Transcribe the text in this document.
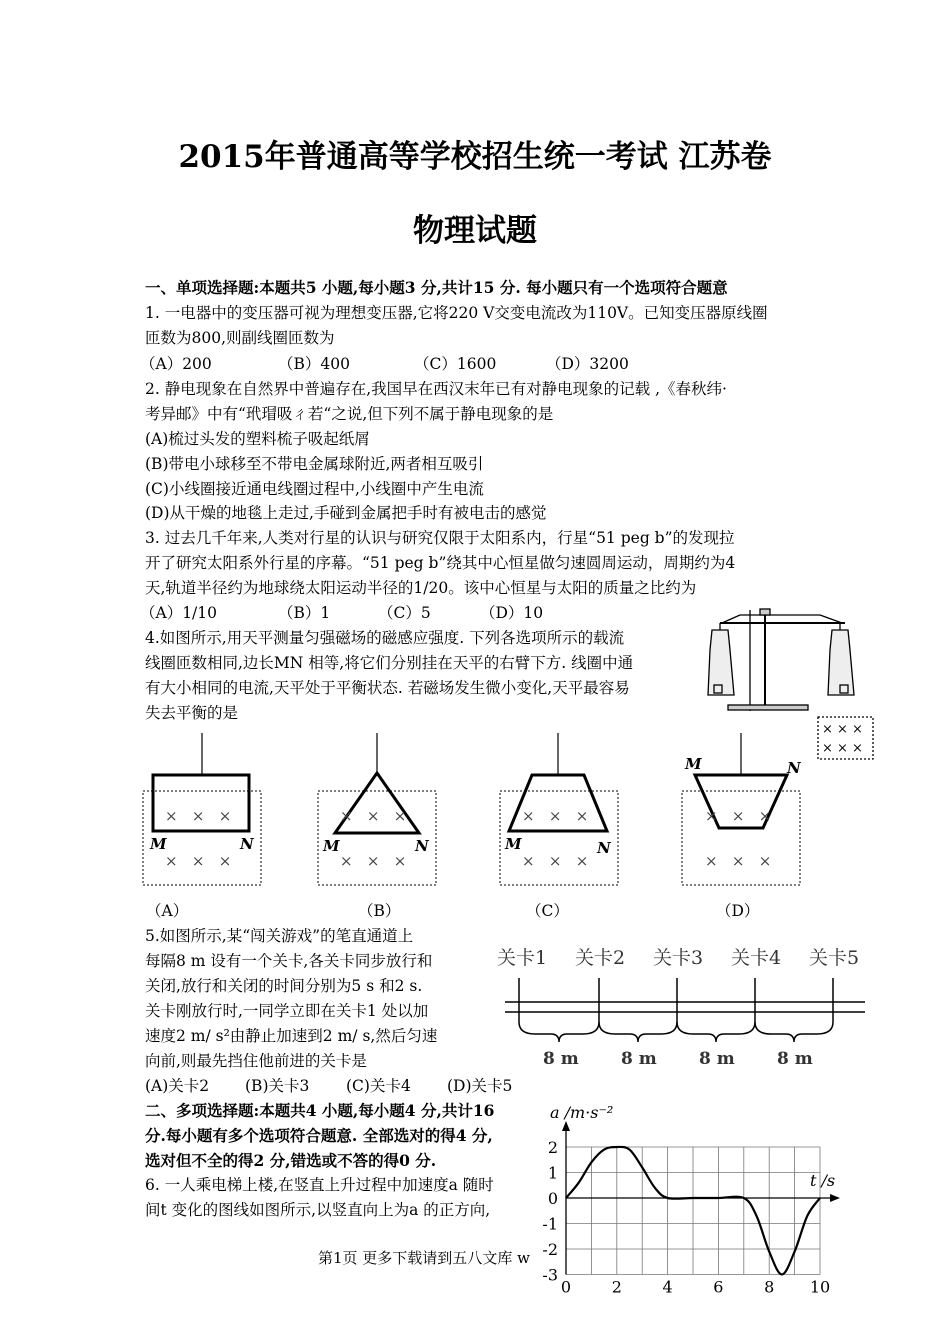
2015年普通高等学校招生统一考试 江苏卷
物理试题
一、单项选择题:本题共5 小题,每小题3 分,共计15 分. 每小题只有一个选项符合题意
1. 一电器中的变压器可视为理想变压器,它将220 V交变电流改为110V。已知变压器原线圈
匝数为800,则副线圈匝数为
（A）200	（B）400	（C）1600	（D）3200
2. 静电现象在自然界中普遍存在,我国早在西汉末年已有对静电现象的记载 ,《春秋纬·
考异邮》中有“玳瑁吸ㄔ若“之说,但下列不属于静电现象的是
(A)梳过头发的塑料梳子吸起纸屑
(B)带电小球移至不带电金属球附近,两者相互吸引
(C)小线圈接近通电线圈过程中,小线圈中产生电流
(D)从干燥的地毯上走过,手碰到金属把手时有被电击的感觉
3. 过去几千年来,人类对行星的认识与研究仅限于太阳系内，行星“51 peg b”的发现拉
开了研究太阳系外行星的序幕。“51 peg b”绕其中心恒星做匀速圆周运动，周期约为4
天,轨道半径约为地球绕太阳运动半径的1/20。该中心恒星与太阳的质量之比约为
（A）1/10	（B）1	（C）5	（D）10
4.如图所示,用天平测量匀强磁场的磁感应强度. 下列各选项所示的载流
线圈匝数相同,边长MN 相等,将它们分别挂在天平的右臂下方. 线圈中通
有大小相同的电流,天平处于平衡状态. 若磁场发生微小变化,天平最容易
失去平衡的是
× × ×
× × ×
×   ×   ×
×   ×   ×
×   ×   ×
×   ×   ×
×   ×   ×
×   ×   ×
×   ×   ×
×   ×   ×
M	N	M	N	M	N
M	N
（A）	（B）	（C）	（D）
5.如图所示,某“闯关游戏”的笔直通道上
每隔8 m 设有一个关卡,各关卡同步放行和
关闭,放行和关闭的时间分别为5 s 和2 s.
关卡刚放行时,一同学立即在关卡1 处以加
速度2 m/ s²由静止加速到2 m/ s,然后匀速
向前,则最先挡住他前进的关卡是
(A)关卡2 (B)关卡3 (C)关卡4 (D)关卡5
关卡1 关卡2 关卡3 关卡4 关卡5
8 m 8 m 8 m 8 m
二、多项选择题:本题共4 小题,每小题4 分,共计16
分.每小题有多个选项符合题意. 全部选对的得4 分,
选对但不全的得2 分,错选或不答的得0 分.
6. 一人乘电梯上楼,在竖直上升过程中加速度a 随时
间t 变化的图线如图所示,以竖直向上为a 的正方向,
第1页 更多下载请到五八文库 w
a /m·s⁻²
t /s
2
1
0
-1
-2
-3
0	2	4	6	8 10
